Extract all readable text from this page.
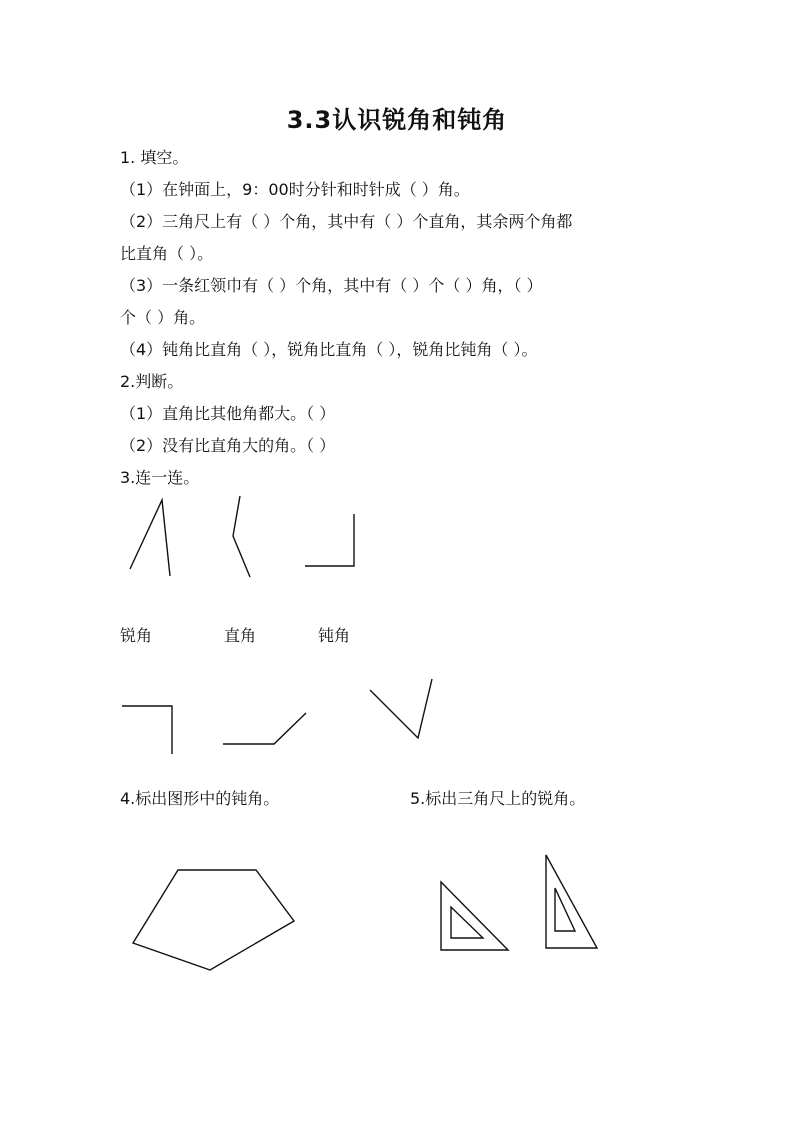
3.3认识锐角和钝角
1. 填空。
（1）在钟面上，9：00时分针和时针成（ ）角。
（2）三角尺上有（ ）个角，其中有（ ）个直角，其余两个角都
比直角（ ）。
（3）一条红领巾有（ ）个角，其中有（ ）个（ ）角，（ ）
个（ ）角。
（4）钝角比直角（ ），锐角比直角（ ），锐角比钝角（ ）。
2.判断。
（1）直角比其他角都大。（ ）
（2）没有比直角大的角。（ ）
3.连一连。
锐角	直角	钝角
4.标出图形中的钝角。	5.标出三角尺上的锐角。
